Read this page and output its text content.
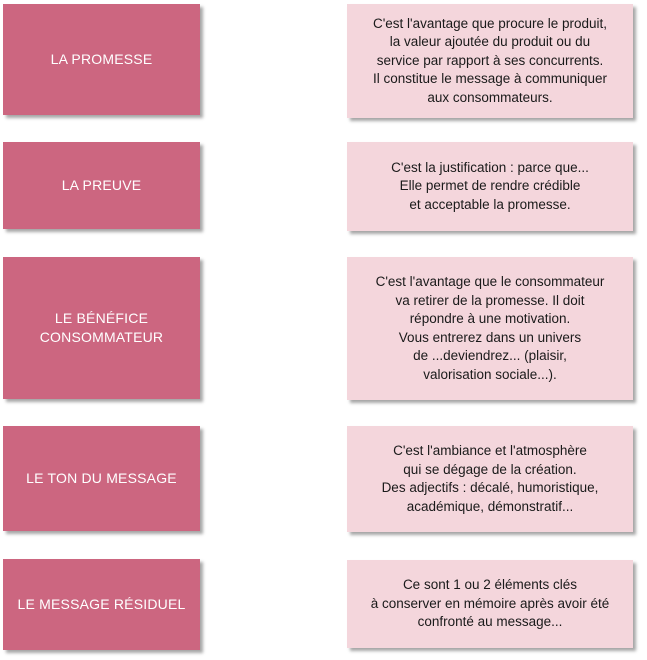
LA PROMESSE
C'est l'avantage que procure le produit,
la valeur ajoutée du produit ou du
service par rapport à ses concurrents.
Il constitue le message à communiquer
aux consommateurs.
LA PREUVE
C'est la justification : parce que...
Elle permet de rendre crédible
et acceptable la promesse.
LE BÉNÉFICE
CONSOMMATEUR
C'est l'avantage que le consommateur
va retirer de la promesse. Il doit
répondre à une motivation.
Vous entrerez dans un univers
de ...deviendrez... (plaisir,
valorisation sociale...).
LE TON DU MESSAGE
C'est l'ambiance et l'atmosphère
qui se dégage de la création.
Des adjectifs : décalé, humoristique,
académique, démonstratif...
LE MESSAGE RÉSIDUEL
Ce sont 1 ou 2 éléments clés
à conserver en mémoire après avoir été
confronté au message...
